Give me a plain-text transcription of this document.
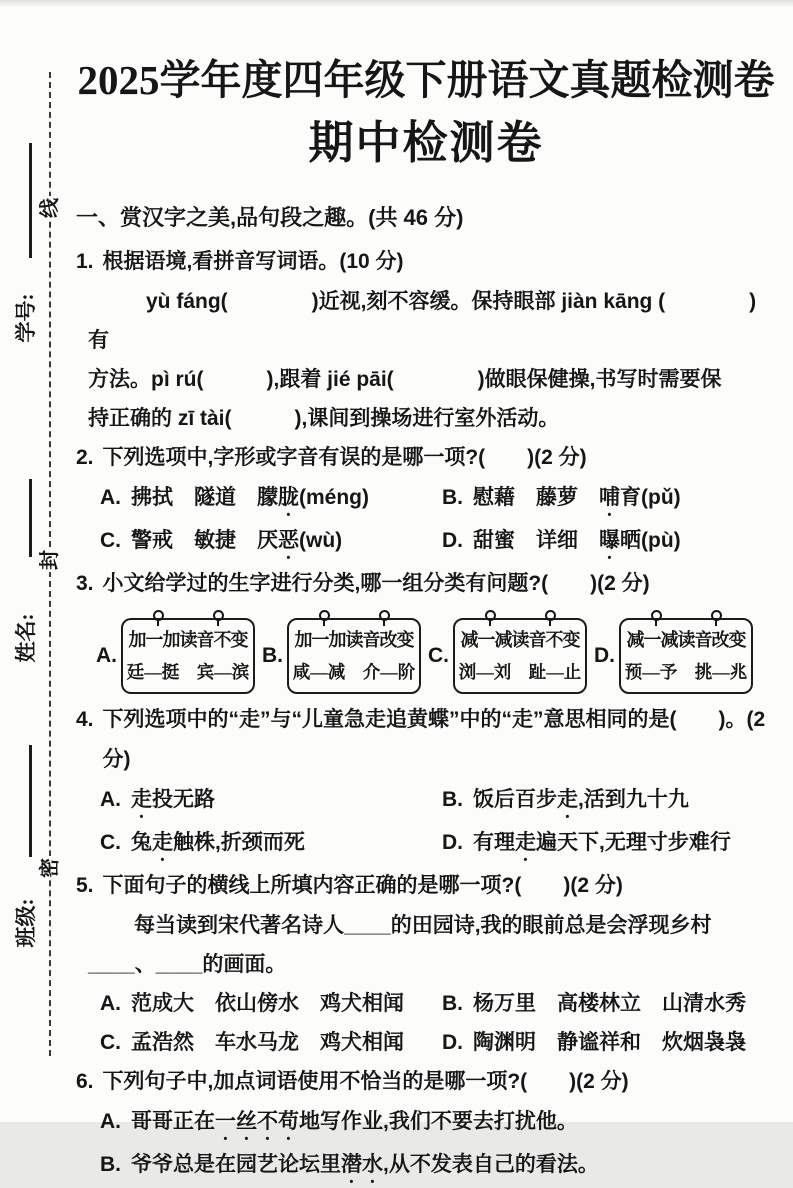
线
封
密
学号:
姓名:
班级:
2025学年度四年级下册语文真题检测卷
期中检测卷
一、赏汉字之美,品句段之趣。(共 46 分)
1. 根据语境,看拼音写词语。(10 分)
yù fáng(　　　　)近视,刻不容缓。保持眼部 jiàn kāng (　　　　)有
方法。pì rú(　　　),跟着 jié pāi(　　　　)做眼保健操,书写时需要保
持正确的 zī tài(　　　),课间到操场进行室外活动。
2. 下列选项中,字形或字音有误的是哪一项?(　　)(2 分)
A. 拂拭　隧道　朦胧(méng)	B. 慰藉　藤萝　哺育(pǔ)
C. 警戒　敏捷　厌恶(wù)	D. 甜蜜　详细　曝晒(pù)
3. 小文给学过的生字进行分类,哪一组分类有问题?(　　)(2 分)
A.
加一加读音不变
廷—挺　宾—滨
B.
加一加读音改变
咸—减　介—阶
C.
减一减读音不变
浏—刘　趾—止
D.
减一减读音改变
预—予　挑—兆
4. 下列选项中的“走”与“儿童急走追黄蝶”中的“走”意思相同的是(　　)。(2 分)
A. 走投无路	B. 饭后百步走,活到九十九
C. 兔走触株,折颈而死	D. 有理走遍天下,无理寸步难行
5. 下面句子的横线上所填内容正确的是哪一项?(　　)(2 分)
每当读到宋代著名诗人____的田园诗,我的眼前总是会浮现乡村
____、____的画面。
A. 范成大　依山傍水　鸡犬相闻 B. 杨万里　高楼林立　山清水秀
C. 孟浩然　车水马龙　鸡犬相闻 D. 陶渊明　静谧祥和　炊烟袅袅
6. 下列句子中,加点词语使用不恰当的是哪一项?(　　)(2 分)
A. 哥哥正在一丝不苟地写作业,我们不要去打扰他。
B. 爷爷总是在园艺论坛里潜水,从不发表自己的看法。
